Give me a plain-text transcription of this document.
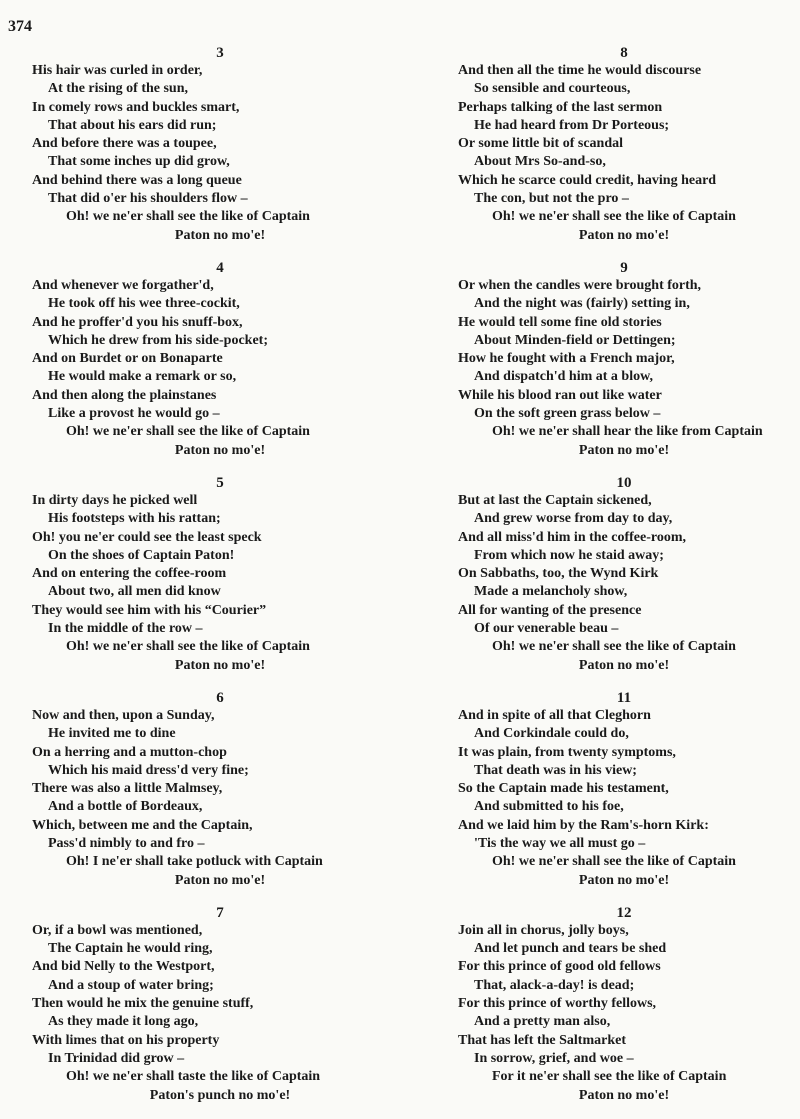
374
3
His hair was curled in order,
At the rising of the sun,
In comely rows and buckles smart,
That about his ears did run;
And before there was a toupee,
That some inches up did grow,
And behind there was a long queue
That did o'er his shoulders flow –
Oh! we ne'er shall see the like of Captain
Paton no mo'e!
4
And whenever we forgather'd,
He took off his wee three-cockit,
And he proffer'd you his snuff-box,
Which he drew from his side-pocket;
And on Burdet or on Bonaparte
He would make a remark or so,
And then along the plainstanes
Like a provost he would go –
Oh! we ne'er shall see the like of Captain
Paton no mo'e!
5
In dirty days he picked well
His footsteps with his rattan;
Oh! you ne'er could see the least speck
On the shoes of Captain Paton!
And on entering the coffee-room
About two, all men did know
They would see him with his “Courier”
In the middle of the row –
Oh! we ne'er shall see the like of Captain
Paton no mo'e!
6
Now and then, upon a Sunday,
He invited me to dine
On a herring and a mutton-chop
Which his maid dress'd very fine;
There was also a little Malmsey,
And a bottle of Bordeaux,
Which, between me and the Captain,
Pass'd nimbly to and fro –
Oh! I ne'er shall take potluck with Captain
Paton no mo'e!
7
Or, if a bowl was mentioned,
The Captain he would ring,
And bid Nelly to the Westport,
And a stoup of water bring;
Then would he mix the genuine stuff,
As they made it long ago,
With limes that on his property
In Trinidad did grow –
Oh! we ne'er shall taste the like of Captain
Paton's punch no mo'e!
8
And then all the time he would discourse
So sensible and courteous,
Perhaps talking of the last sermon
He had heard from Dr Porteous;
Or some little bit of scandal
About Mrs So-and-so,
Which he scarce could credit, having heard
The con, but not the pro –
Oh! we ne'er shall see the like of Captain
Paton no mo'e!
9
Or when the candles were brought forth,
And the night was (fairly) setting in,
He would tell some fine old stories
About Minden-field or Dettingen;
How he fought with a French major,
And dispatch'd him at a blow,
While his blood ran out like water
On the soft green grass below –
Oh! we ne'er shall hear the like from Captain
Paton no mo'e!
10
But at last the Captain sickened,
And grew worse from day to day,
And all miss'd him in the coffee-room,
From which now he staid away;
On Sabbaths, too, the Wynd Kirk
Made a melancholy show,
All for wanting of the presence
Of our venerable beau –
Oh! we ne'er shall see the like of Captain
Paton no mo'e!
11
And in spite of all that Cleghorn
And Corkindale could do,
It was plain, from twenty symptoms,
That death was in his view;
So the Captain made his testament,
And submitted to his foe,
And we laid him by the Ram's-horn Kirk:
'Tis the way we all must go –
Oh! we ne'er shall see the like of Captain
Paton no mo'e!
12
Join all in chorus, jolly boys,
And let punch and tears be shed
For this prince of good old fellows
That, alack-a-day! is dead;
For this prince of worthy fellows,
And a pretty man also,
That has left the Saltmarket
In sorrow, grief, and woe –
For it ne'er shall see the like of Captain
Paton no mo'e!
